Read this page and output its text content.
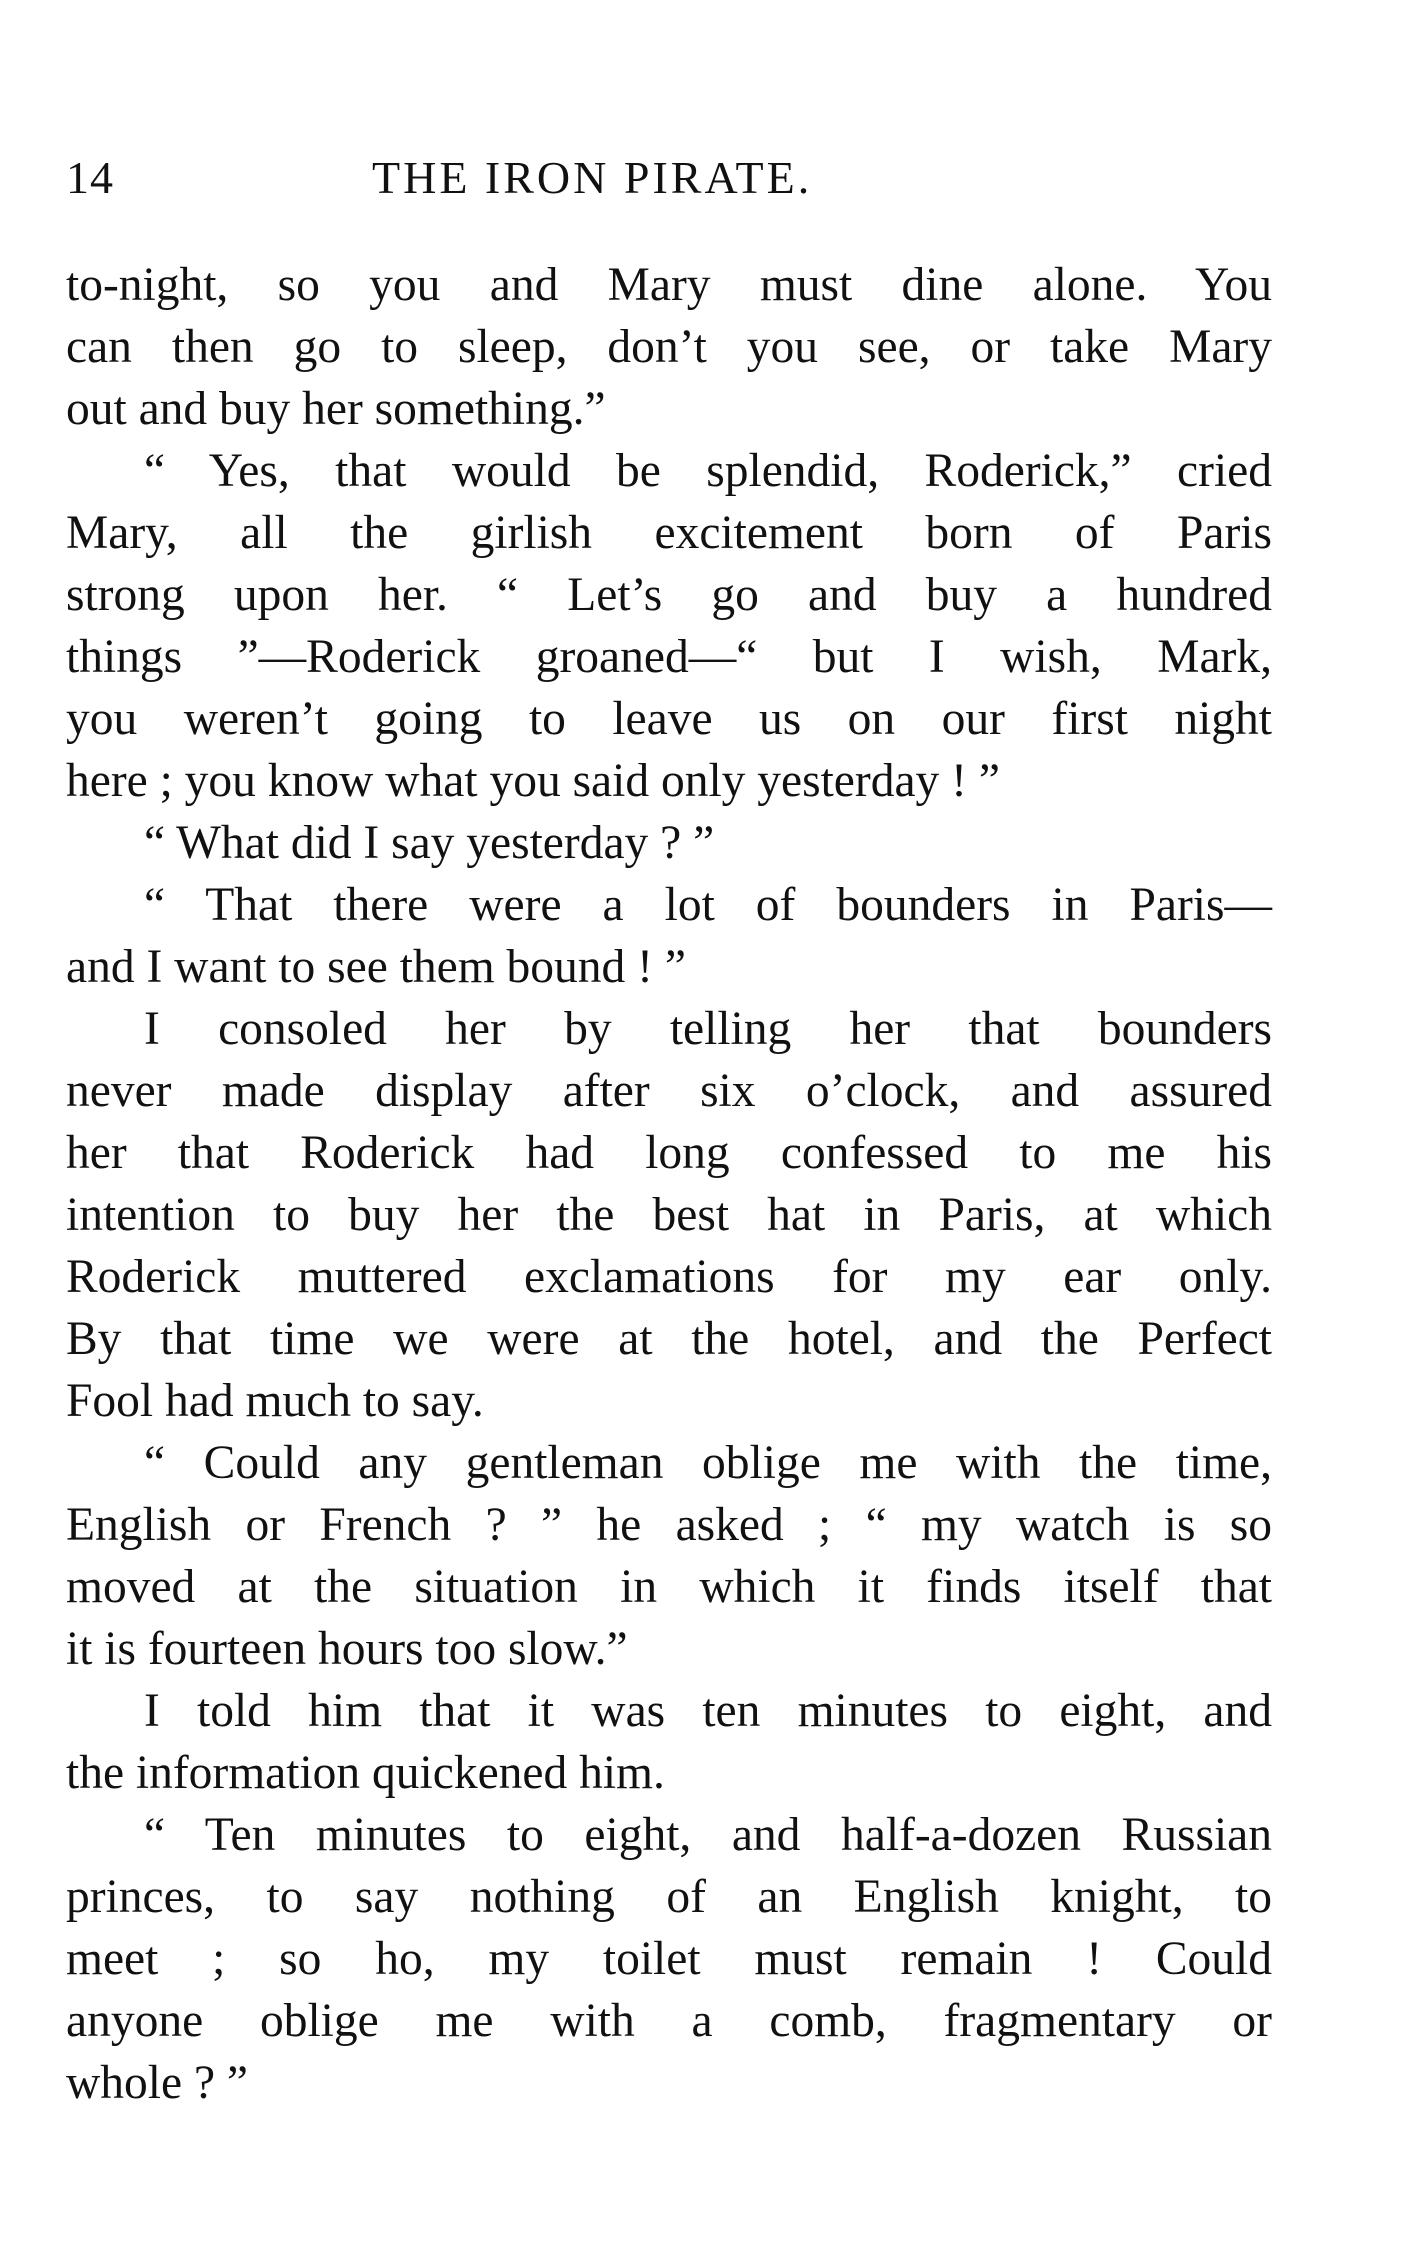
14	THE IRON PIRATE.
to-night, so you and Mary must dine alone. You
can then go to sleep, don’t you see, or take Mary
out and buy her something.”
“ Yes, that would be splendid, Roderick,” cried
Mary, all the girlish excitement born of Paris
strong upon her. “ Let’s go and buy a hundred
things ”—Roderick groaned—“ but I wish, Mark,
you weren’t going to leave us on our first night
here ; you know what you said only yesterday ! ”
“ What did I say yesterday ? ”
“ That there were a lot of bounders in Paris—
and I want to see them bound ! ”
I consoled her by telling her that bounders
never made display after six o’clock, and assured
her that Roderick had long confessed to me his
intention to buy her the best hat in Paris, at which
Roderick muttered exclamations for my ear only.
By that time we were at the hotel, and the Perfect
Fool had much to say.
“ Could any gentleman oblige me with the time,
English or French ? ” he asked ; “ my watch is so
moved at the situation in which it finds itself that
it is fourteen hours too slow.”
I told him that it was ten minutes to eight, and
the information quickened him.
“ Ten minutes to eight, and half-a-dozen Russian
princes, to say nothing of an English knight, to
meet ; so ho, my toilet must remain ! Could
anyone oblige me with a comb, fragmentary or
whole ? ”
